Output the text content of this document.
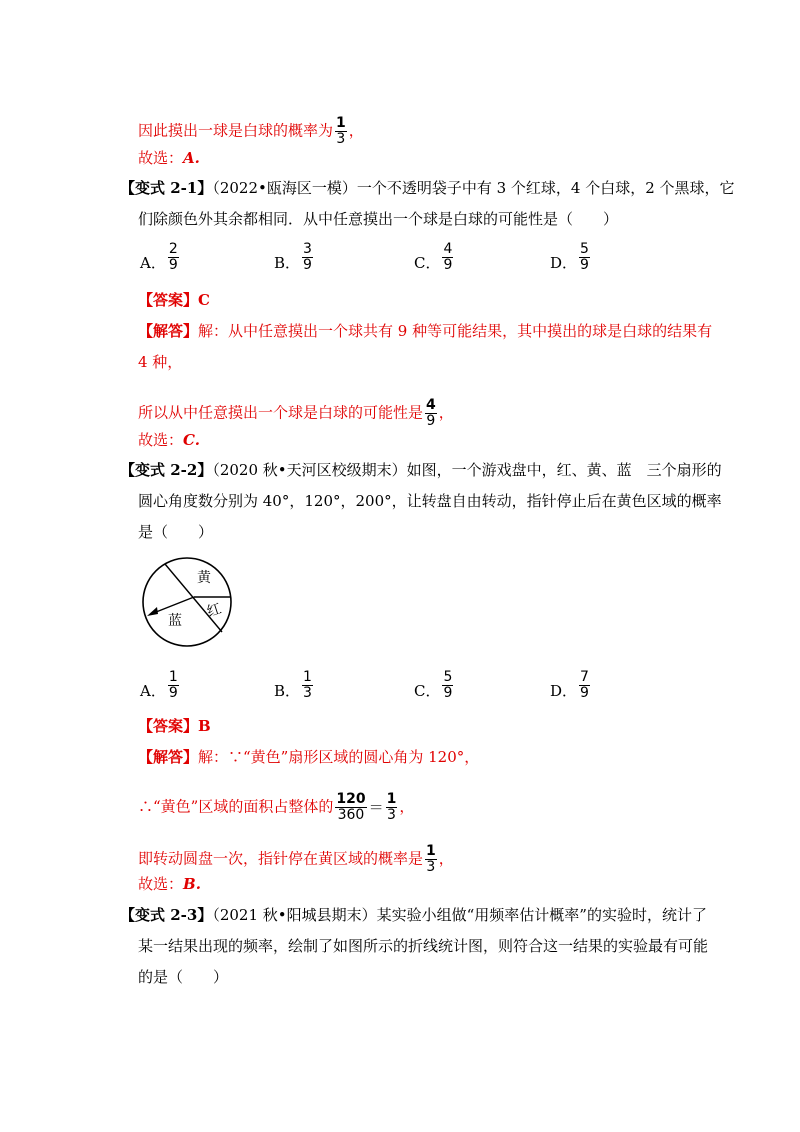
因此摸出一球是白球的概率为 $\frac{1}{3}$ ，
故选：A.
【变式 2-1】（2022•瓯海区一模）一个不透明袋子中有 3 个红球，4 个白球，2 个黑球，它
们除颜色外其余都相同．从中任意摸出一个球是白球的可能性是（　　）
A． $\frac{2}{9}$	B． $\frac{3}{9}$	C． $\frac{4}{9}$	D． $\frac{5}{9}$
【答案】C
【解答】解：从中任意摸出一个球共有 9 种等可能结果，其中摸出的球是白球的结果有
4 种，
所以从中任意摸出一个球是白球的可能性是 $\frac{4}{9}$ ，
故选：C.
【变式 2-2】（2020 秋•天河区校级期末）如图，一个游戏盘中，红、黄、蓝　三个扇形的
圆心角度数分别为 40°，120°，200°，让转盘自由转动，指针停止后在黄色区域的概率
是（　　）
黄
红
蓝
A． $\frac{1}{9}$	B． $\frac{1}{3}$	C． $\frac{5}{9}$	D． $\frac{7}{9}$
【答案】B
【解答】解：∵“黄色”扇形区域的圆心角为 120°，
∴“黄色”区域的面积占整体的 $\frac{120}{360} = \frac{1}{3}$ ，
即转动圆盘一次，指针停在黄区域的概率是 $\frac{1}{3}$ ，
故选：B.
【变式 2-3】（2021 秋•阳城县期末）某实验小组做“用频率估计概率”的实验时，统计了
某一结果出现的频率，绘制了如图所示的折线统计图，则符合这一结果的实验最有可能
的是（　　）
